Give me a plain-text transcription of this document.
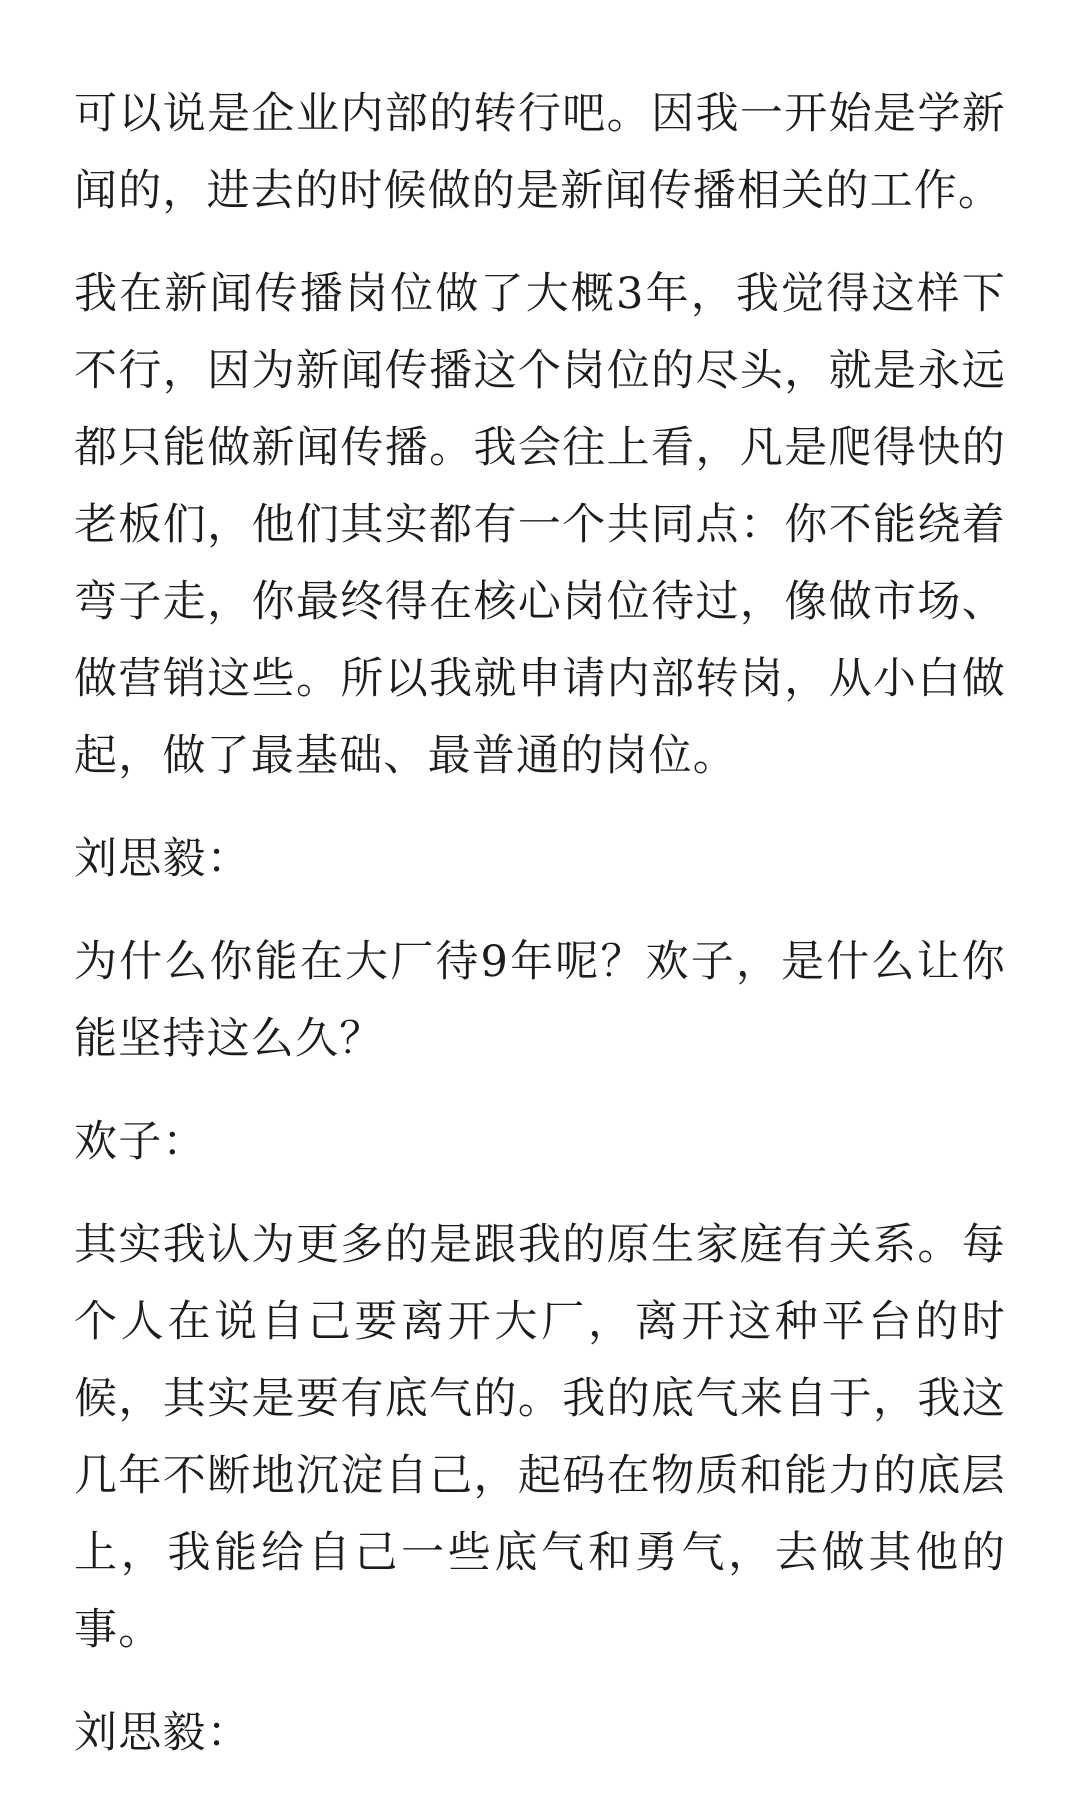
可以说是企业内部的转行吧。因我一开始是学新闻的，进去的时候做的是新闻传播相关的工作。

我在新闻传播岗位做了大概3年，我觉得这样下不行，因为新闻传播这个岗位的尽头，就是永远都只能做新闻传播。我会往上看，凡是爬得快的老板们，他们其实都有一个共同点：你不能绕着弯子走，你最终得在核心岗位待过，像做市场、做营销这些。所以我就申请内部转岗，从小白做起，做了最基础、最普通的岗位。

刘思毅：

为什么你能在大厂待9年呢？欢子，是什么让你能坚持这么久？

欢子：

其实我认为更多的是跟我的原生家庭有关系。每个人在说自己要离开大厂，离开这种平台的时候，其实是要有底气的。我的底气来自于，我这几年不断地沉淀自己，起码在物质和能力的底层上，我能给自己一些底气和勇气，去做其他的事。

刘思毅：
